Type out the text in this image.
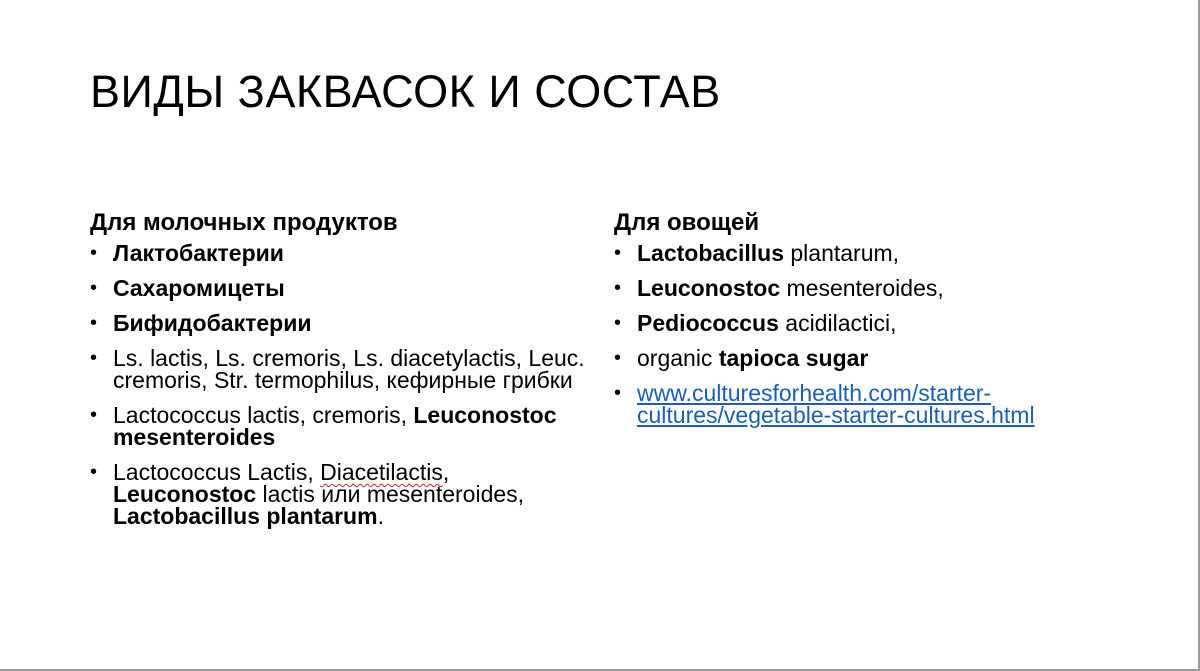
ВИДЫ ЗАКВАСОК И СОСТАВ
Для молочных продуктов
• Лактобактерии
• Сахаромицеты
• Бифидобактерии
• Ls. lactis, Ls. cremoris, Ls. diacetylactis, Leuc. cremoris, Str. termophilus, кефирные грибки
• Lactococcus lactis, cremoris, Leuconostoc mesenteroides
• Lactococcus Lactis, Diacetilactis,
Leuconostoc lactis или mesenteroides,
Lactobacillus plantarum.
Для овощей
• Lactobacillus plantarum,
• Leuconostoc mesenteroides,
• Pediococcus acidilactici,
• organic tapioca sugar
• www.culturesforhealth.com/starter-
cultures/vegetable-starter-cultures.html
